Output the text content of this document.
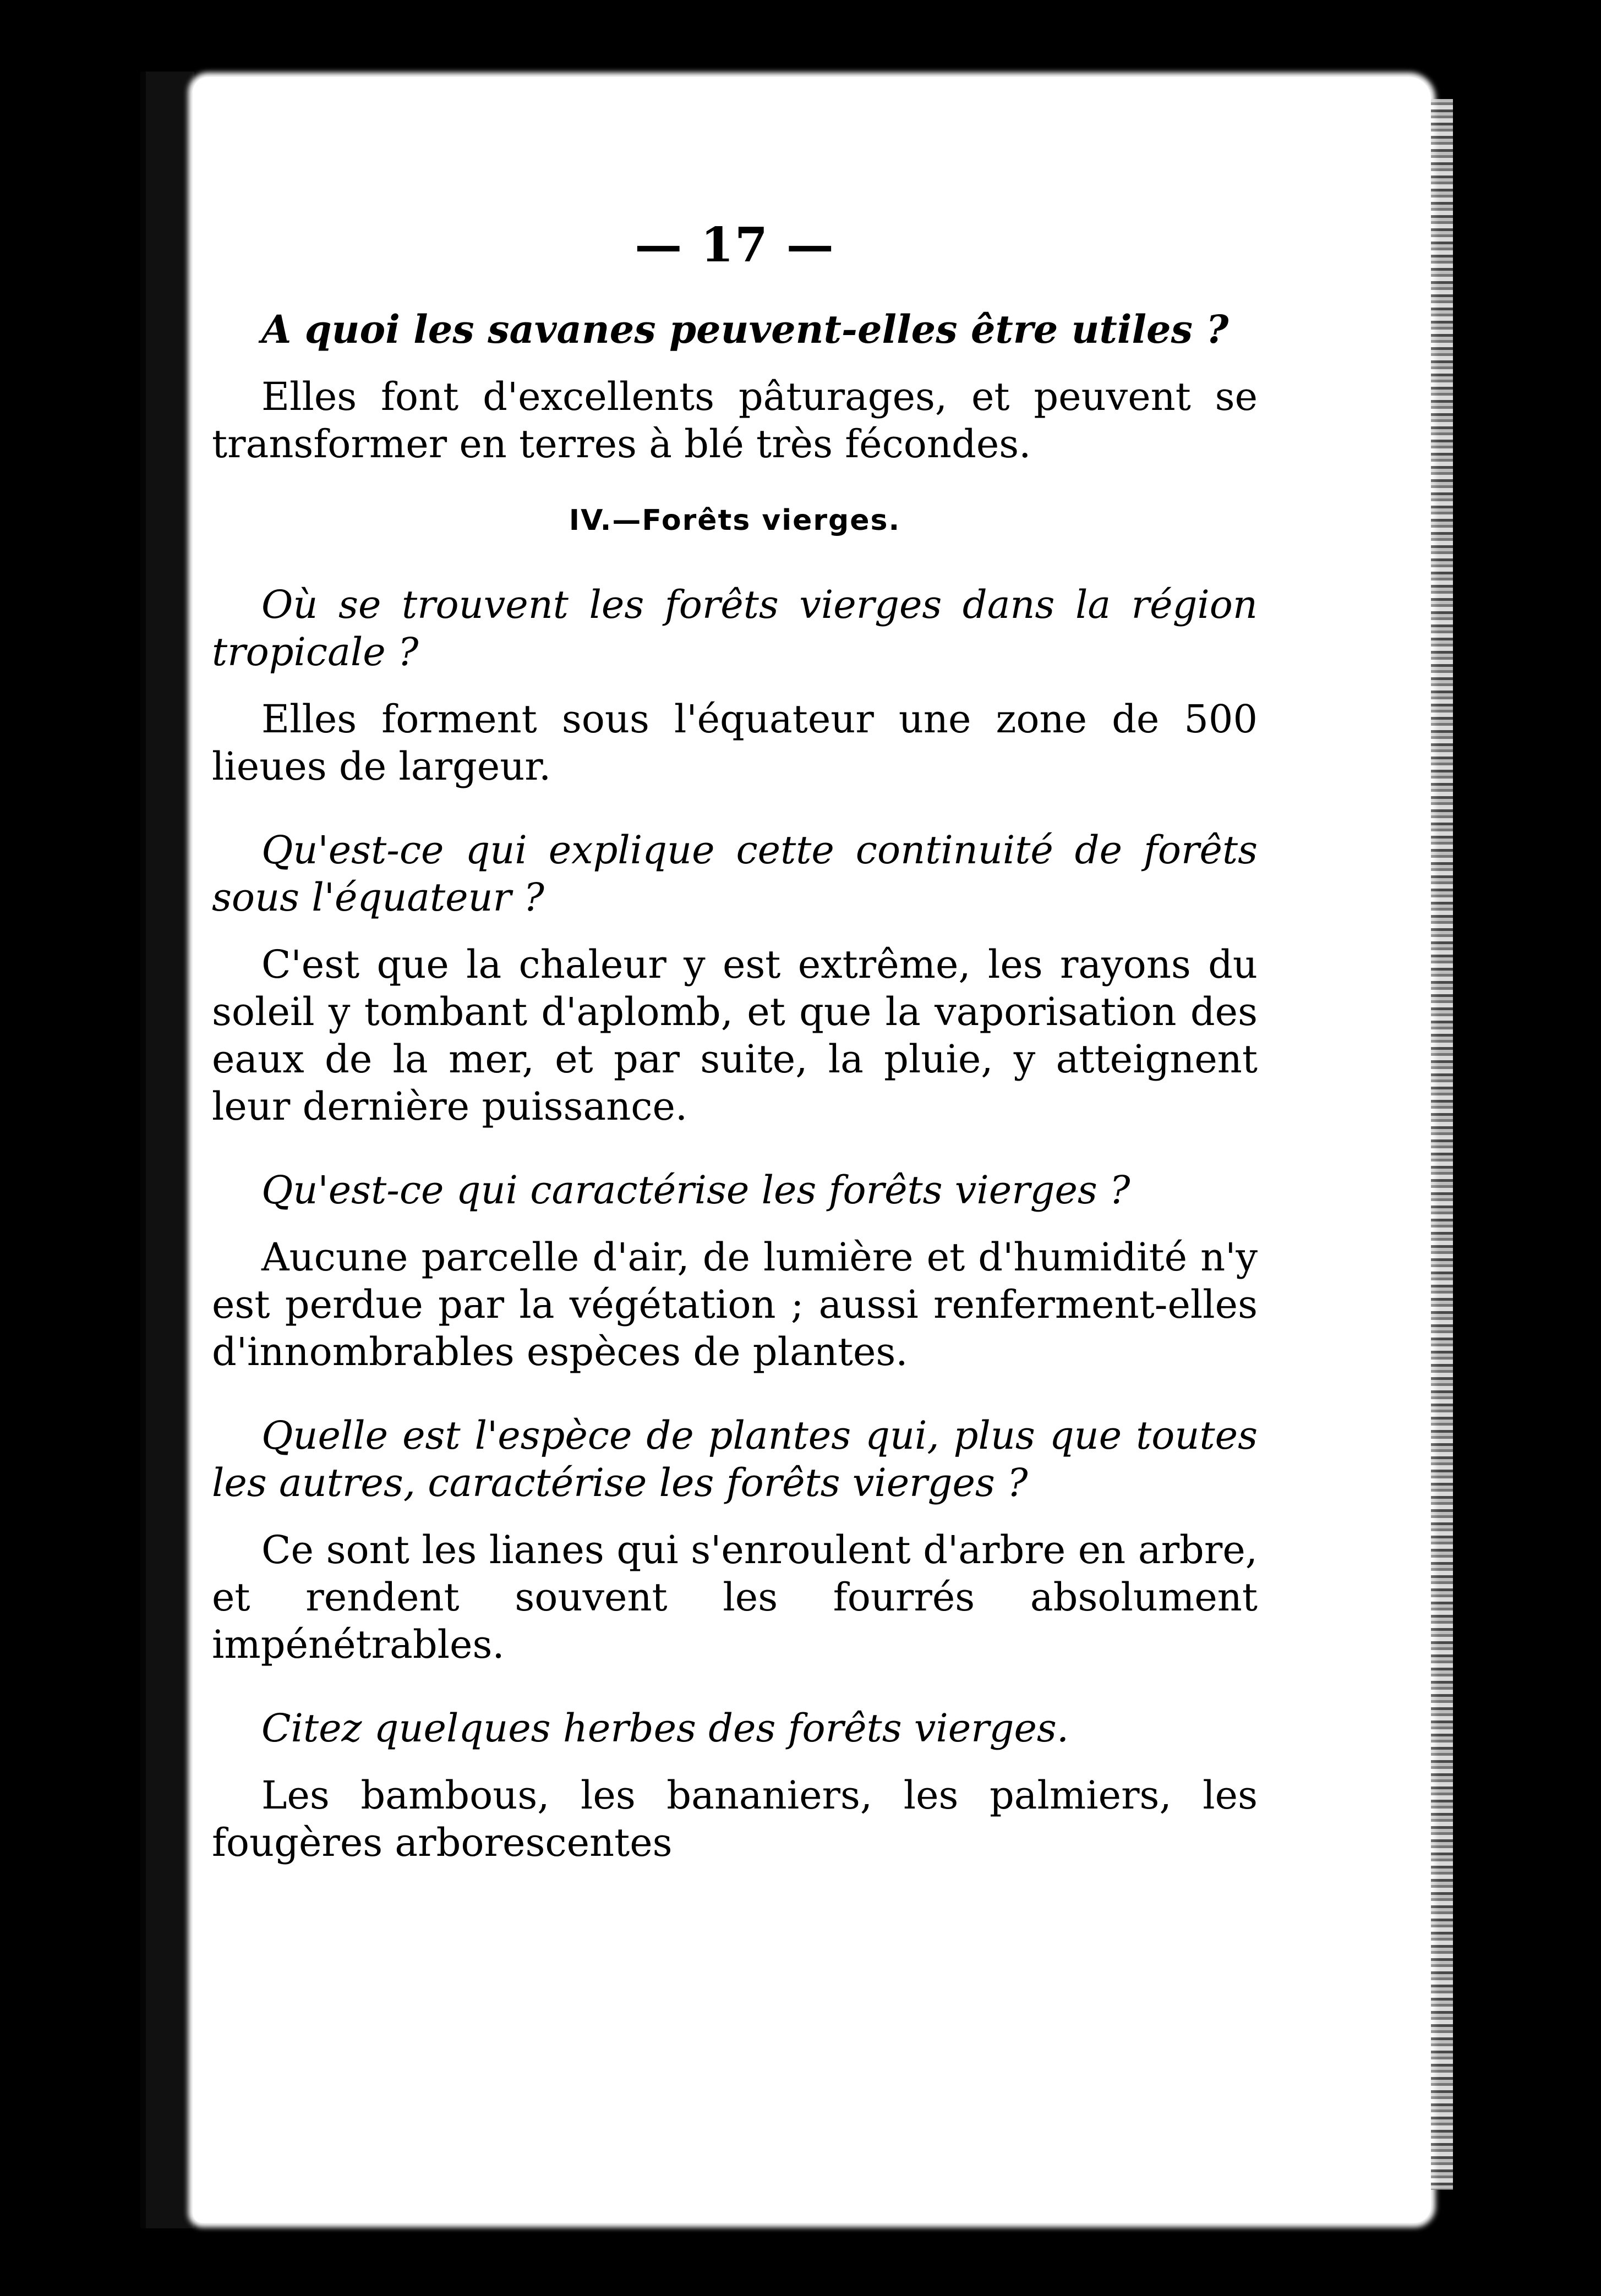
— 17 —

A quoi les savanes peuvent-elles être utiles ?

Elles font d'excellents pâturages, et peuvent se transformer en terres à blé très fécondes.

IV.—Forêts vierges.

Où se trouvent les forêts vierges dans la région tropicale ?

Elles forment sous l'équateur une zone de 500 lieues de largeur.

Qu'est-ce qui explique cette continuité de forêts sous l'équateur ?

C'est que la chaleur y est extrême, les rayons du soleil y tombant d'aplomb, et que la vaporisation des eaux de la mer, et par suite, la pluie, y atteignent leur dernière puissance.

Qu'est-ce qui caractérise les forêts vierges ?

Aucune parcelle d'air, de lumière et d'humidité n'y est perdue par la végétation ; aussi renferment-elles d'innombrables espèces de plantes.

Quelle est l'espèce de plantes qui, plus que toutes les autres, caractérise les forêts vierges ?

Ce sont les lianes qui s'enroulent d'arbre en arbre, et rendent souvent les fourrés absolument impénétrables.

Citez quelques herbes des forêts vierges.

Les bambous, les bananiers, les palmiers, les fougères arborescentes
